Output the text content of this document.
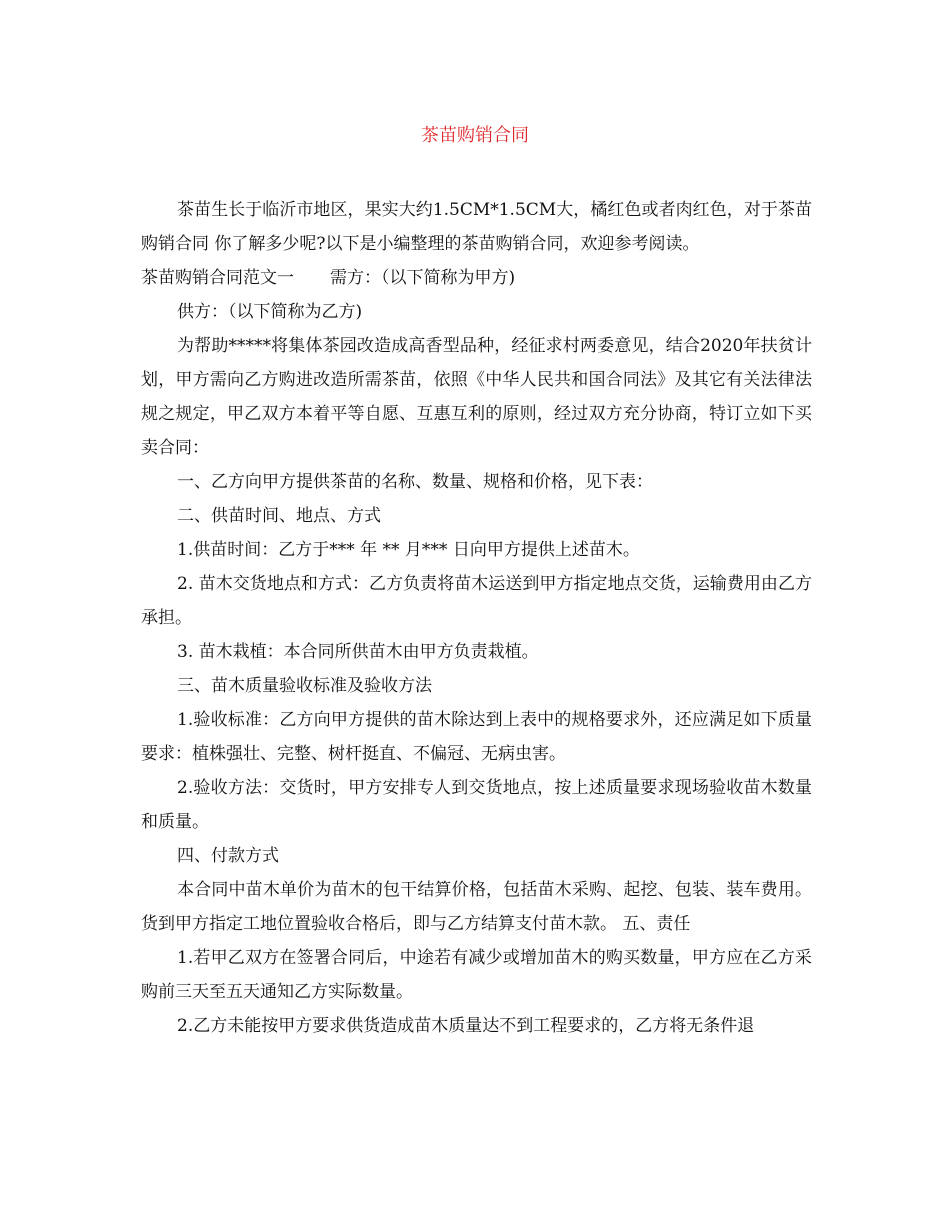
茶苗购销合同

茶苗生长于临沂市地区，果实大约1.5CM*1.5CM大，橘红色或者肉红色，对于茶苗购销合同 你了解多少呢?以下是小编整理的茶苗购销合同，欢迎参考阅读。

茶苗购销合同范文一 需方：（以下简称为甲方)

供方：（以下简称为乙方)

为帮助*****将集体茶园改造成高香型品种，经征求村两委意见，结合2020年扶贫计划，甲方需向乙方购进改造所需茶苗，依照《中华人民共和国合同法》及其它有关法律法规之规定，甲乙双方本着平等自愿、互惠互利的原则，经过双方充分协商，特订立如下买卖合同：

一、乙方向甲方提供茶苗的名称、数量、规格和价格，见下表：

二、供苗时间、地点、方式

1.供苗时间：乙方于*** 年 ** 月*** 日向甲方提供上述苗木。

2. 苗木交货地点和方式：乙方负责将苗木运送到甲方指定地点交货，运输费用由乙方承担。

3. 苗木栽植：本合同所供苗木由甲方负责栽植。

三、苗木质量验收标准及验收方法

1.验收标准：乙方向甲方提供的苗木除达到上表中的规格要求外，还应满足如下质量要求：植株强壮、完整、树杆挺直、不偏冠、无病虫害。

2.验收方法：交货时，甲方安排专人到交货地点，按上述质量要求现场验收苗木数量和质量。

四、付款方式

本合同中苗木单价为苗木的包干结算价格，包括苗木采购、起挖、包装、装车费用。货到甲方指定工地位置验收合格后，即与乙方结算支付苗木款。 五、责任

1.若甲乙双方在签署合同后，中途若有减少或增加苗木的购买数量，甲方应在乙方采购前三天至五天通知乙方实际数量。

2.乙方未能按甲方要求供货造成苗木质量达不到工程要求的，乙方将无条件退
